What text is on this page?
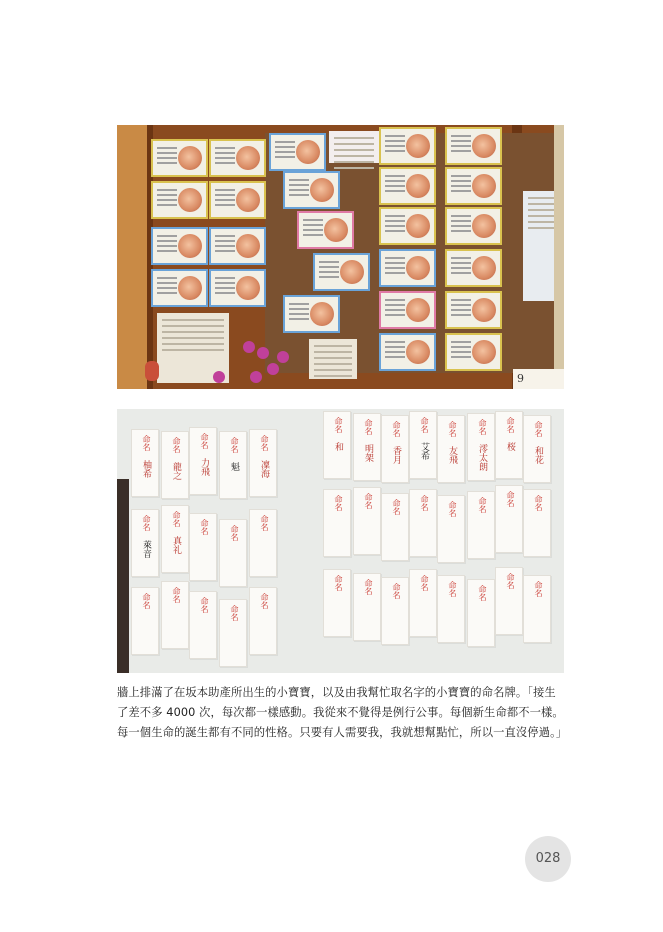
9
命名
柚希
命名
龍之
命名
力飛
命名
魁
命名
凜海
命名
和
命名
明架
命名
香月
命名
艾希
命名
友飛
命名
澪太朗
命名
桜
命名
和花
命名
萊音
命名
真礼
命名	命名
命名
命名	命名 命名 命名 命名	命名 命名 命名
命名	命名
命名	命名
命名
命名	命名 命名 命名 命名	命名
命名 命名

牆上排滿了在坂本助產所出生的小寶寶，以及由我幫忙取名字的小寶寶的命名牌。「接生了差不多 4000 次，每次都一樣感動。我從來不覺得是例行公事。每個新生命都不一樣。每一個生命的誕生都有不同的性格。只要有人需要我，我就想幫點忙，所以一直沒停過。」

028
